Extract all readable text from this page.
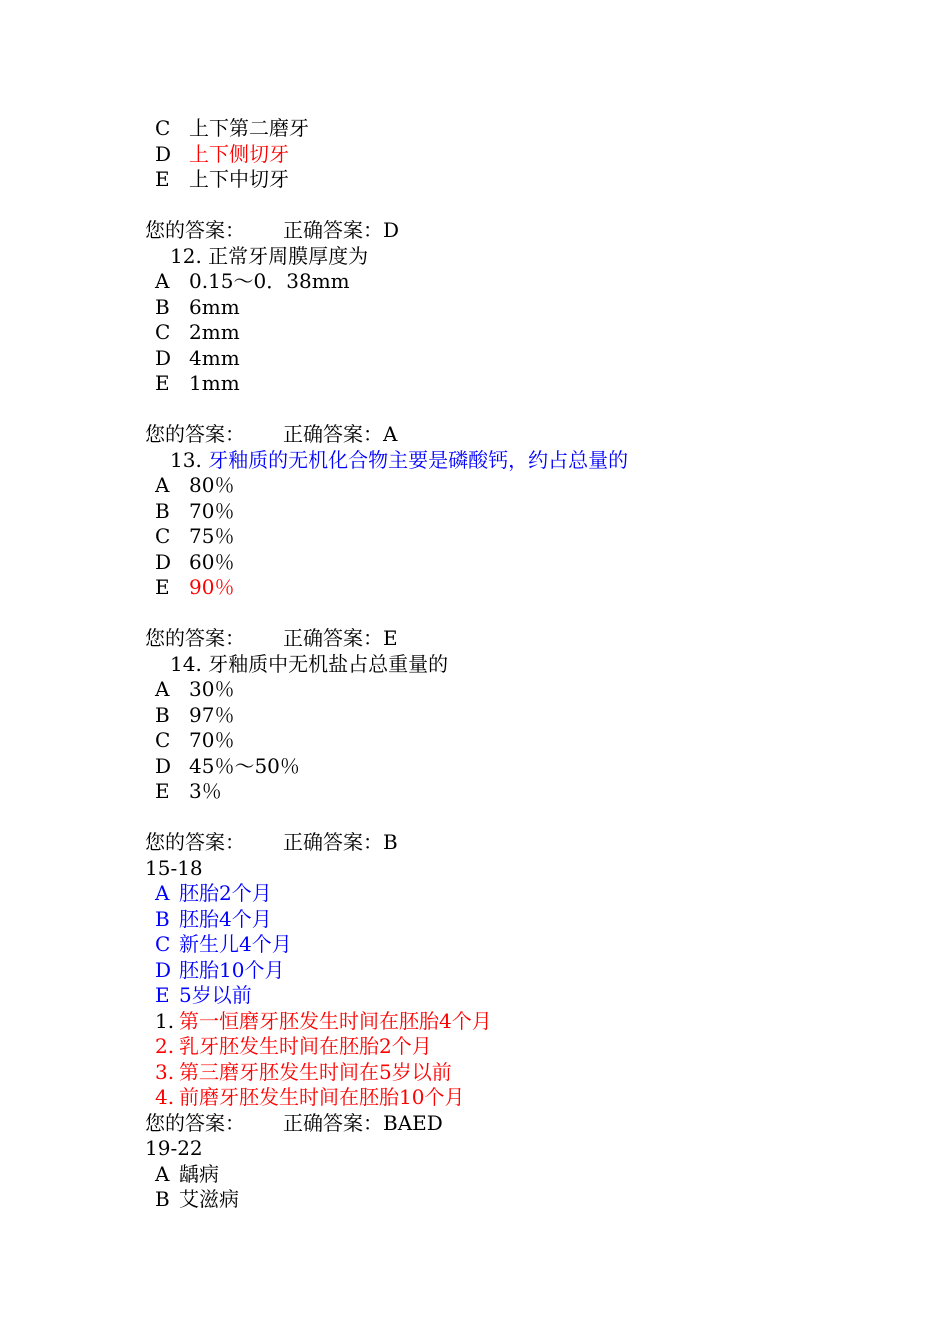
C 上下第二磨牙
D 上下侧切牙
E 上下中切牙
您的答案： 正确答案：D
12. 正常牙周膜厚度为
A 0.15～0．38mm
B 6mm
C 2mm
D 4mm
E 1mm
您的答案： 正确答案：A
13. 牙釉质的无机化合物主要是磷酸钙，约占总量的
A 80％
B 70％
C 75％
D 60％
E 90％
您的答案： 正确答案：E
14. 牙釉质中无机盐占总重量的
A 30％
B 97％
C 70％
D 45％～50％
E 3％
您的答案： 正确答案：B
15-18
A 胚胎2个月
B 胚胎4个月
C 新生儿4个月
D 胚胎10个月
E 5岁以前
1. 第一恒磨牙胚发生时间在胚胎4个月
2. 乳牙胚发生时间在胚胎2个月
3. 第三磨牙胚发生时间在5岁以前
4. 前磨牙胚发生时间在胚胎10个月
您的答案： 正确答案：BAED
19-22
A 龋病
B 艾滋病
